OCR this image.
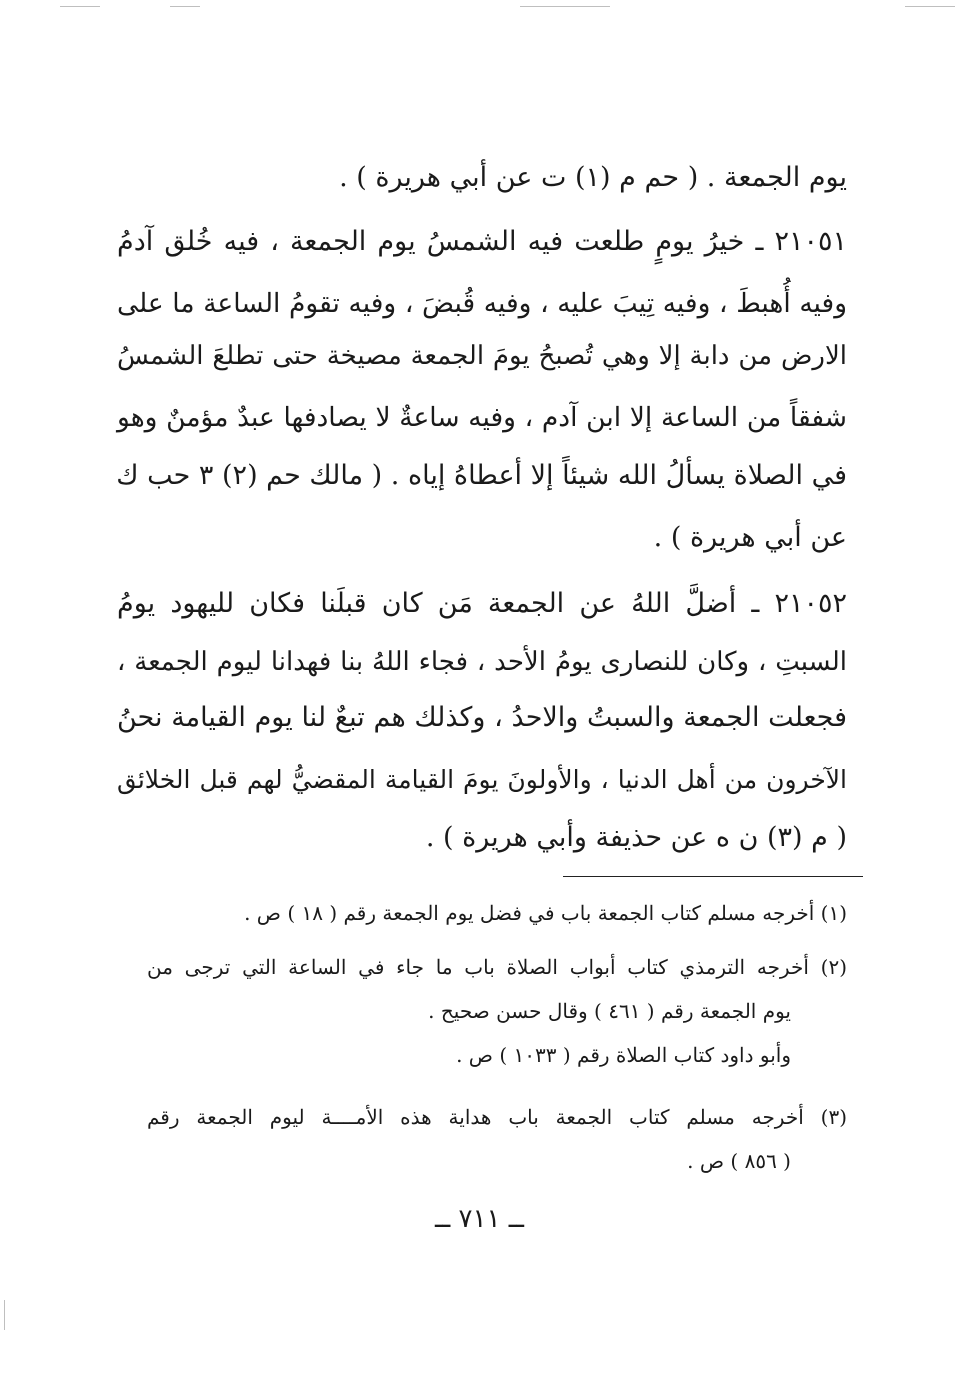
يوم الجمعة . ( حم م (١) ت عن أبي هريرة ) .
٢١٠٥١ ـ خيرُ يومٍ طلعت فيه الشمسُ يوم الجمعة ، فيه خُلق آدمُ
وفيه أُهبطَ ، وفيه تِيبَ عليه ، وفيه قُبضَ ، وفيه تقومُ الساعة ما على
الارض من دابة إلا وهي تُصبحُ يومَ الجمعة مصيخة حتى تطلعَ الشمسُ
شفقاً من الساعة إلا ابن آدم ، وفيه ساعةٌ لا يصادفها عبدٌ مؤمنٌ وهو
في الصلاة يسألُ الله شيئاً إلا أعطاهُ إياه . ( مالك حم (٢) ٣ حب ك
عن أبي هريرة ) .
٢١٠٥٢ ـ أضلَّ اللهُ عن الجمعة مَن كان قبلَنا فكان لليهود يومُ
السبتِ ، وكان للنصارى يومُ الأحد ، فجاء اللهُ بنا فهدانا ليوم الجمعة ،
فجعلت الجمعة والسبتُ والاحدُ ، وكذلك هم تبعٌ لنا يوم القيامة نحنُ
الآخرون من أهل الدنيا ، والأولونَ يومَ القيامة المقضيُّ لهم قبل الخلائق
( م (٣) ن ه عن حذيفة وأبي هريرة ) .
(١) أخرجه مسلم كتاب الجمعة باب في فضل يوم الجمعة رقم ( ١٨ ) ص .
(٢) أخرجه الترمذي كتاب أبواب الصلاة باب ما جاء في الساعة التي ترجى من
يوم الجمعة رقم ( ٤٦١ ) وقال حسن صحيح .
وأبو داود كتاب الصلاة رقم ( ١٠٣٣ ) ص .
(٣) أخرجه مسلم كتاب الجمعة باب هداية هذه الأمــــة ليوم الجمعة رقم
( ٨٥٦ ) ص .
ــ ٧١١ ــ
